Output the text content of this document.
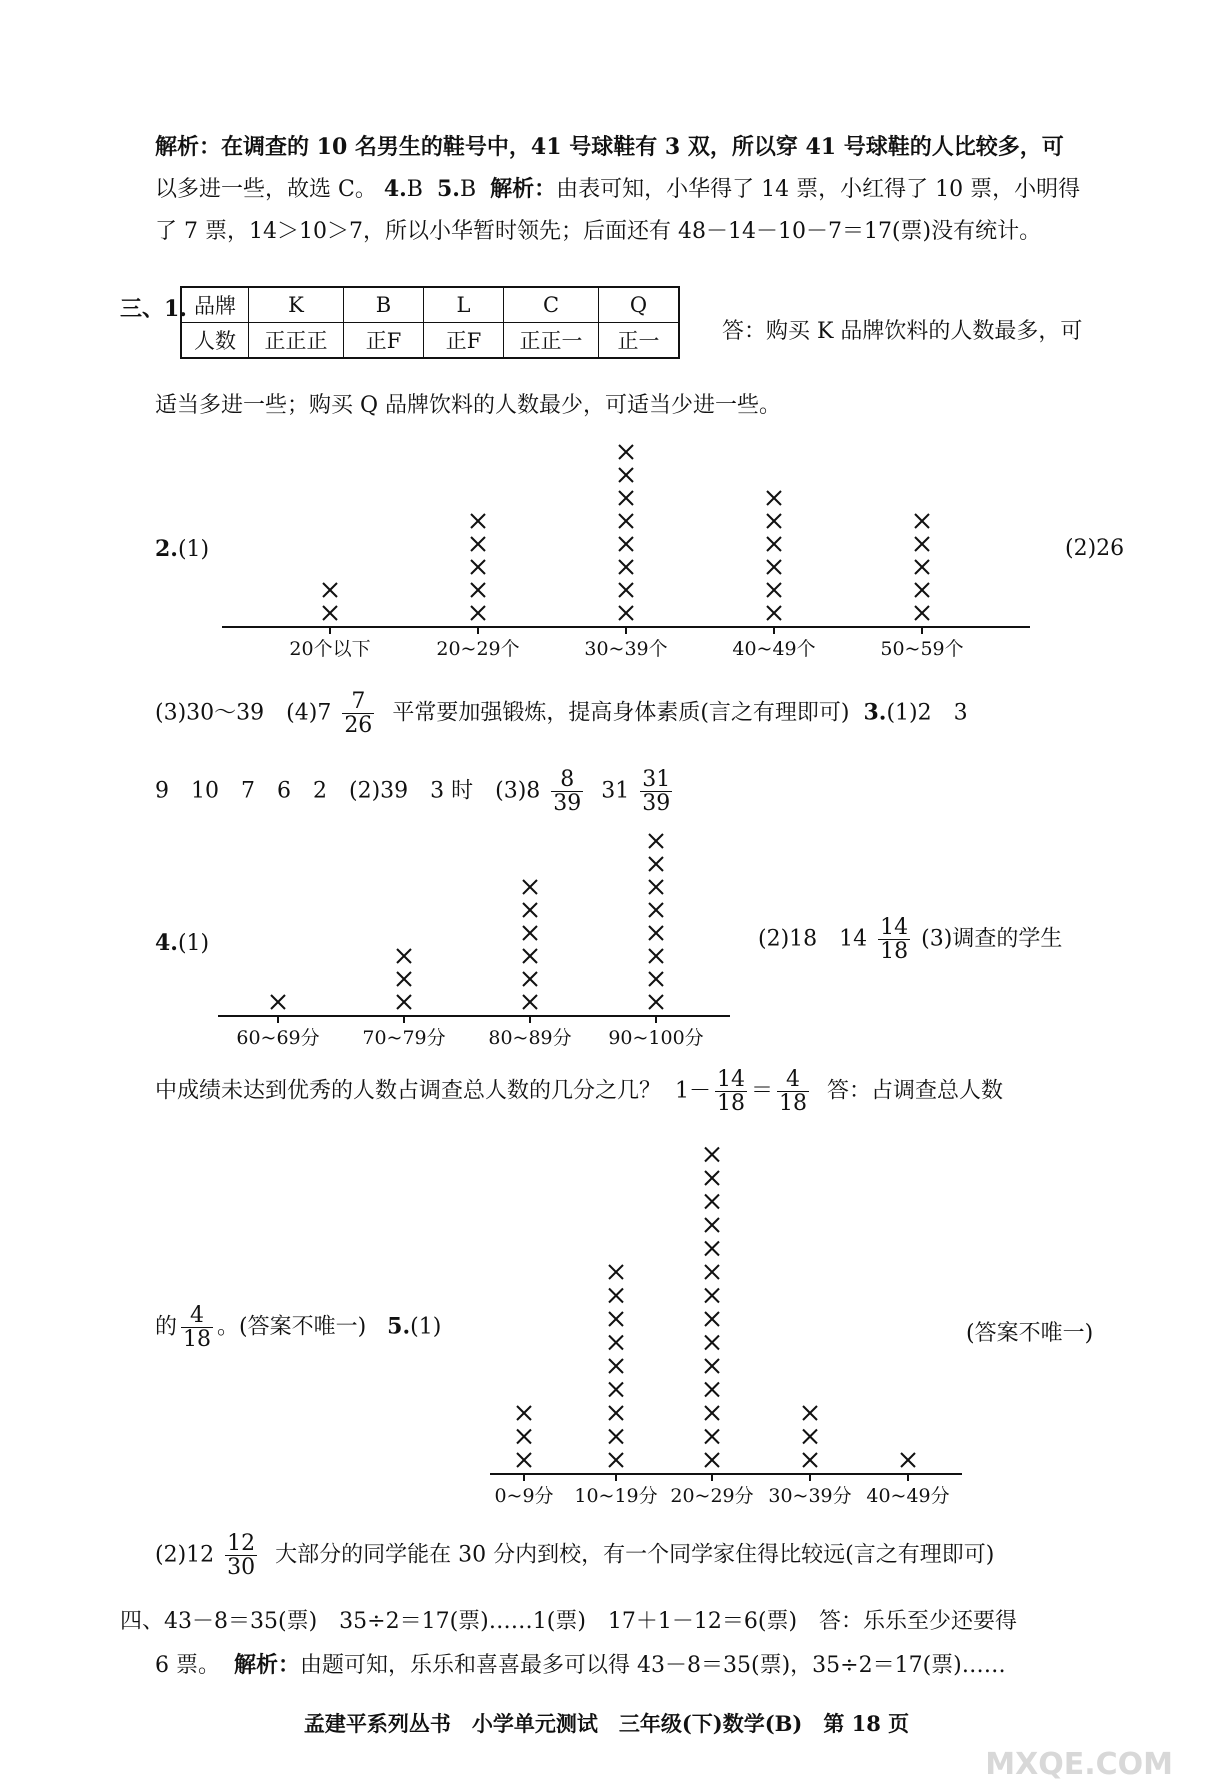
解析：在调查的 10 名男生的鞋号中，41 号球鞋有 3 双，所以穿 41 号球鞋的人比较多，可
以多进一些，故选 C。 4.B 5.B 解析：由表可知，小华得了 14 票，小红得了 10 票，小明得
了 7 票，14＞10＞7，所以小华暂时领先；后面还有 48－14－10－7＝17(票)没有统计。
三、1. 品牌	K	B	L	C	Q
人数	正正正	正F	正F	正正一	正一	答：购买 K 品牌饮料的人数最多，可
适当多进一些；购买 Q 品牌饮料的人数最少，可适当少进一些。
2.(1)	(2)26
(3)30～39　$(4)7 \frac{7}{26}$ 平常要加强锻炼，提高身体素质(言之有理即可) 3.(1)2　3
9　10　7　6　2　(2)39　3 时　$(3)8 \frac{8}{39} 31 \frac{31}{39}$
4.(1)	(2)18　$14 \frac{14}{18} (3)$调查的学生
中成绩未达到优秀的人数占调查总人数的几分之几？ $1- \frac{14}{18} = \frac{4}{18}$ 答：占调查总人数
的 $\frac{4}{18}$ 。(答案不唯一) 5.(1)	(答案不唯一)
$(2)12 \frac{12}{30}$ 大部分的同学能在 30 分内到校，有一个同学家住得比较远(言之有理即可)
四、43－8＝35(票)　35÷2＝17(票)……1(票)　17＋1－12＝6(票)　答：乐乐至少还要得
6 票。 解析：由题可知，乐乐和喜喜最多可以得 43－8＝35(票)，35÷2＝17(票)……
孟建平系列丛书　小学单元测试　三年级(下)数学(B)　第 18 页
MXQE.COM
20个以下	20~29个	30~39个	40~49个	50~59个
60~69分 70~79分 80~89分 90~100分
0~9分 10~19分 20~29分 30~39分 40~49分
